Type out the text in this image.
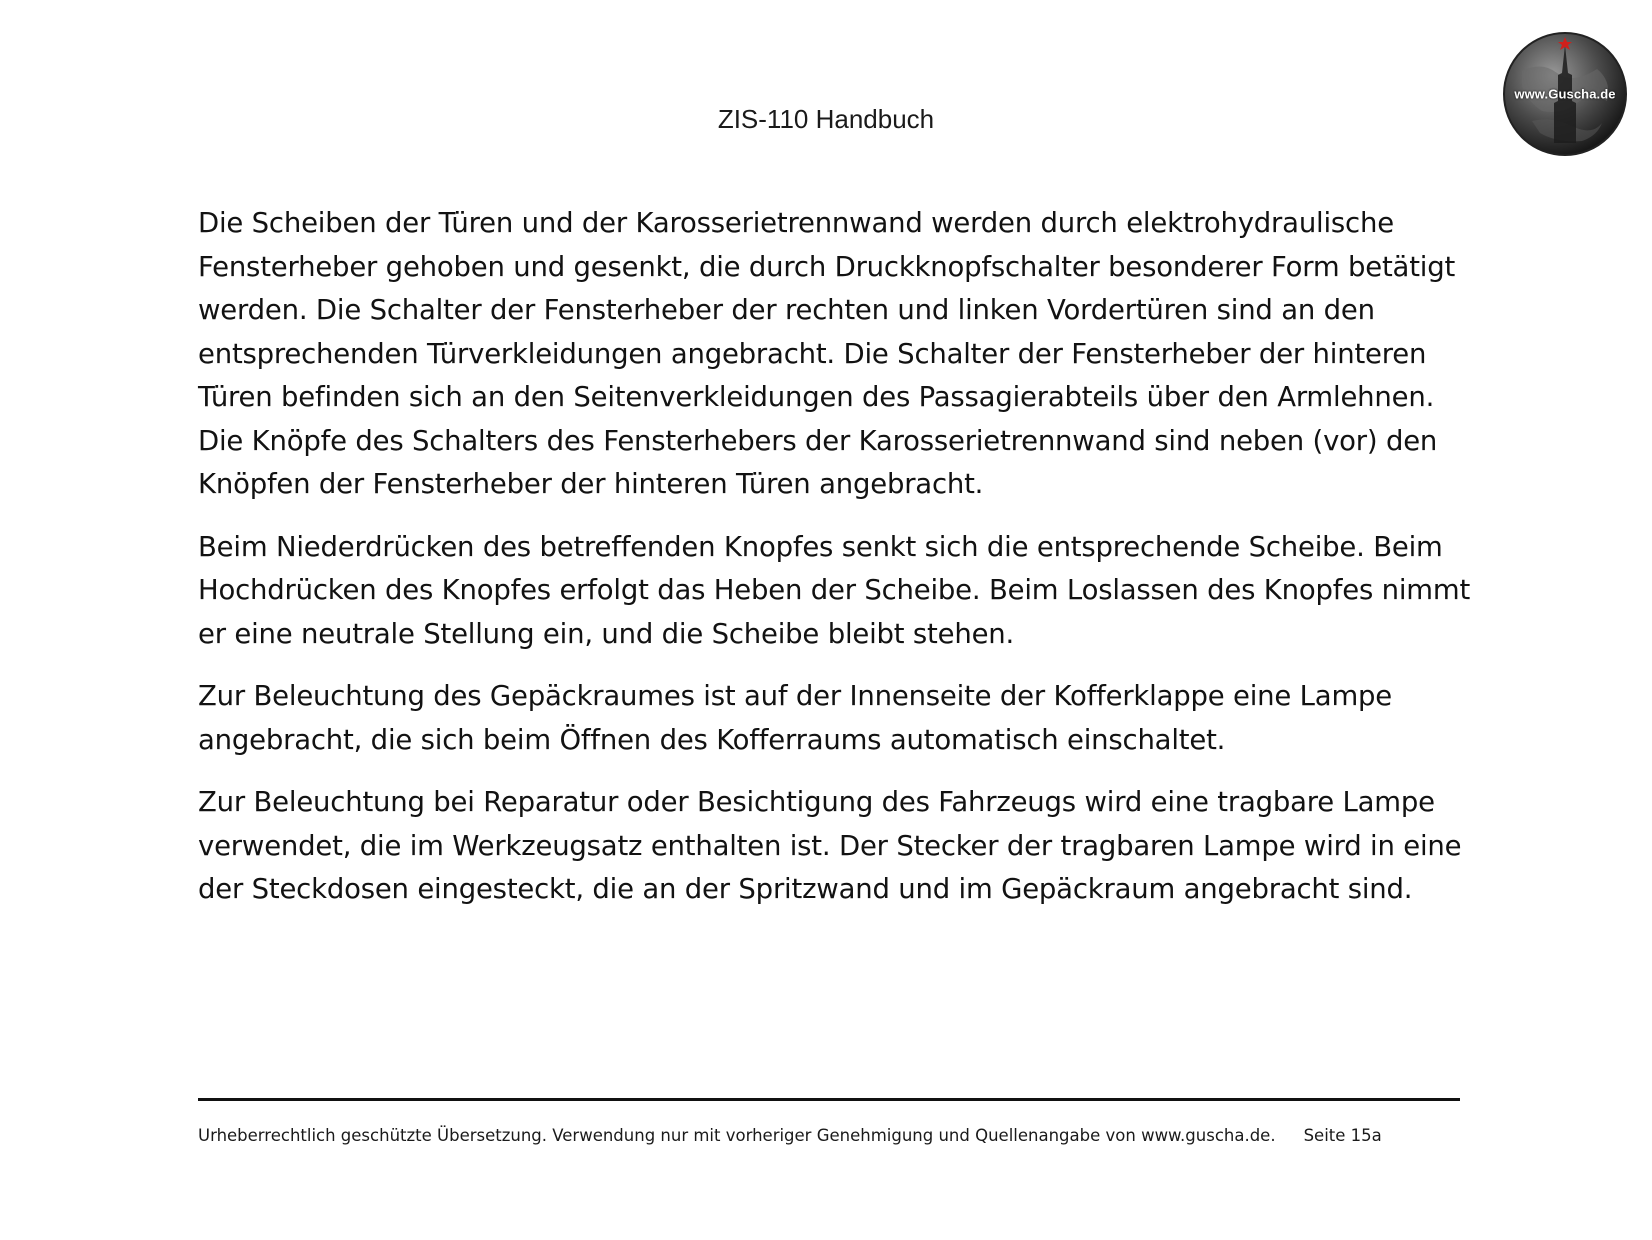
ZIS-110 Handbuch
www.Guscha.de

Die Scheiben der Türen und der Karosserietrennwand werden durch elektrohydraulische Fensterheber gehoben und gesenkt, die durch Druckknopfschalter besonderer Form betätigt werden. Die Schalter der Fensterheber der rechten und linken Vordertüren sind an den entsprechenden Türverkleidungen angebracht. Die Schalter der Fensterheber der hinteren Türen befinden sich an den Seitenverkleidungen des Passagierabteils über den Armlehnen. Die Knöpfe des Schalters des Fensterhebers der Karosserietrennwand sind neben (vor) den Knöpfen der Fensterheber der hinteren Türen angebracht.

Beim Niederdrücken des betreffenden Knopfes senkt sich die entsprechende Scheibe. Beim Hochdrücken des Knopfes erfolgt das Heben der Scheibe. Beim Loslassen des Knopfes nimmt er eine neutrale Stellung ein, und die Scheibe bleibt stehen.

Zur Beleuchtung des Gepäckraumes ist auf der Innenseite der Kofferklappe eine Lampe angebracht, die sich beim Öffnen des Kofferraums automatisch einschaltet.

Zur Beleuchtung bei Reparatur oder Besichtigung des Fahrzeugs wird eine tragbare Lampe verwendet, die im Werkzeugsatz enthalten ist. Der Stecker der tragbaren Lampe wird in eine der Steckdosen eingesteckt, die an der Spritzwand und im Gepäckraum angebracht sind.

Urheberrechtlich geschützte Übersetzung. Verwendung nur mit vorheriger Genehmigung und Quellenangabe von www.guscha.de. Seite 15a
